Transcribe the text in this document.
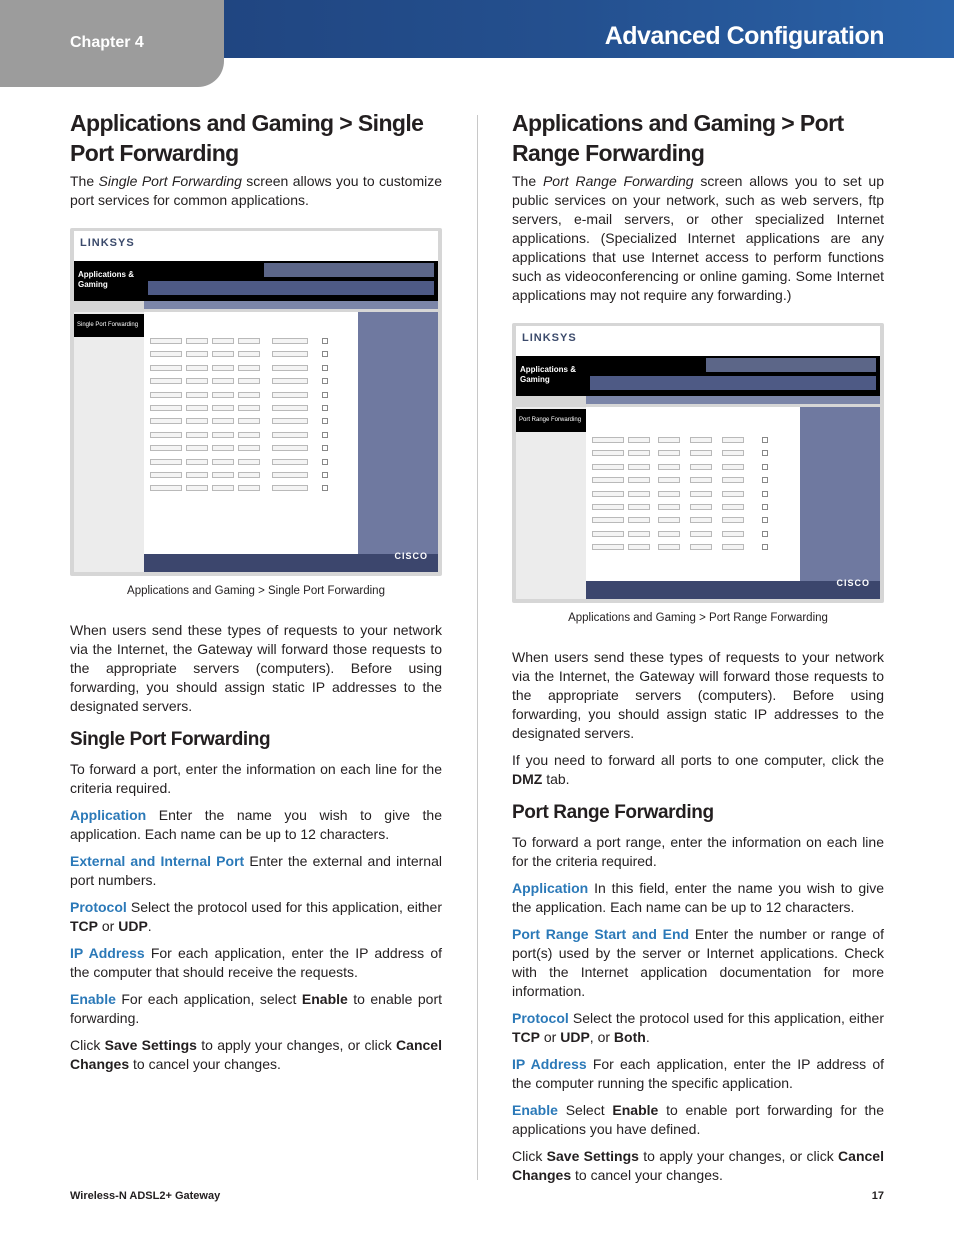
Chapter 4	Advanced Configuration
Applications and Gaming > Single Port Forwarding

The Single Port Forwarding screen allows you to customize port services for common applications.

LINKSYS
Applications & Gaming
Single Port Forwarding
CISCO
Applications and Gaming > Single Port Forwarding

When users send these types of requests to your network via the Internet, the Gateway will forward those requests to the appropriate servers (computers). Before using forwarding, you should assign static IP addresses to the designated servers.

Single Port Forwarding

To forward a port, enter the information on each line for the criteria required.

Application Enter the name you wish to give the application. Each name can be up to 12 characters.

External and Internal Port Enter the external and internal port numbers.

Protocol Select the protocol used for this application, either TCP or UDP.

IP Address For each application, enter the IP address of the computer that should receive the requests.

Enable For each application, select Enable to enable port forwarding.

Click Save Settings to apply your changes, or click Cancel Changes to cancel your changes.

Applications and Gaming > Port Range Forwarding

The Port Range Forwarding screen allows you to set up public services on your network, such as web servers, ftp servers, e-mail servers, or other specialized Internet applications. (Specialized Internet applications are any applications that use Internet access to perform functions such as videoconferencing or online gaming. Some Internet applications may not require any forwarding.)

LINKSYS
Applications & Gaming
Port Range Forwarding
CISCO
Applications and Gaming > Port Range Forwarding

When users send these types of requests to your network via the Internet, the Gateway will forward those requests to the appropriate servers (computers). Before using forwarding, you should assign static IP addresses to the designated servers.

If you need to forward all ports to one computer, click the DMZ tab.

Port Range Forwarding

To forward a port range, enter the information on each line for the criteria required.

Application In this field, enter the name you wish to give the application. Each name can be up to 12 characters.

Port Range Start and End Enter the number or range of port(s) used by the server or Internet applications. Check with the Internet application documentation for more information.

Protocol Select the protocol used for this application, either TCP or UDP, or Both.

IP Address For each application, enter the IP address of the computer running the specific application.

Enable Select Enable to enable port forwarding for the applications you have defined.

Click Save Settings to apply your changes, or click Cancel Changes to cancel your changes.

Wireless-N ADSL2+ Gateway	17
